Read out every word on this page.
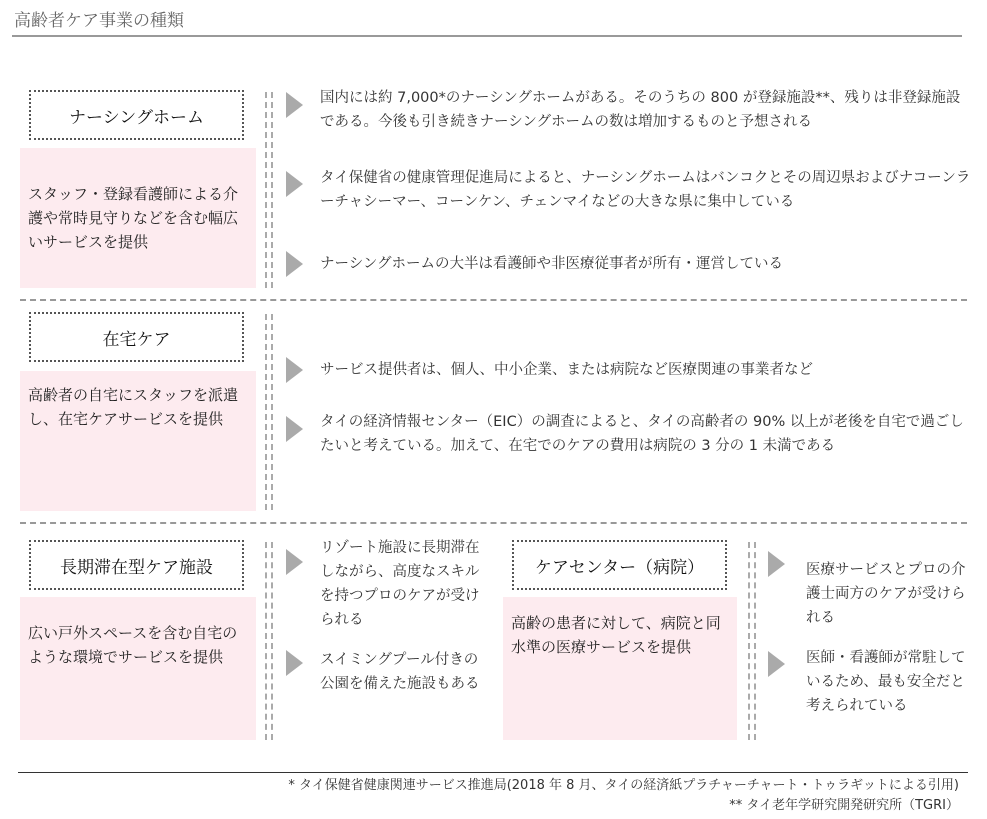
高齢者ケア事業の種類
ナーシングホーム
スタッフ・登録看護師による介護や常時見守りなどを含む幅広いサービスを提供
国内には約 7,000*のナーシングホームがある。そのうちの 800 が登録施設**、残りは非登録施設である。今後も引き続きナーシングホームの数は増加するものと予想される
タイ保健省の健康管理促進局によると、ナーシングホームはバンコクとその周辺県およびナコーンラーチャシーマー、コーンケン、チェンマイなどの大きな県に集中している
ナーシングホームの大半は看護師や非医療従事者が所有・運営している
在宅ケア
高齢者の自宅にスタッフを派遣し、在宅ケアサービスを提供
サービス提供者は、個人、中小企業、または病院など医療関連の事業者など
タイの経済情報センター（EIC）の調査によると、タイの高齢者の 90% 以上が老後を自宅で過ごしたいと考えている。加えて、在宅でのケアの費用は病院の 3 分の 1 未満である
長期滞在型ケア施設
広い戸外スペースを含む自宅のような環境でサービスを提供
リゾート施設に長期滞在しながら、高度なスキルを持つプロのケアが受けられる
スイミングプール付きの公園を備えた施設もある
ケアセンター（病院）
高齢の患者に対して、病院と同水準の医療サービスを提供
医療サービスとプロの介護士両方のケアが受けられる
医師・看護師が常駐しているため、最も安全だと考えられている
* タイ保健省健康関連サービス推進局(2018 年 8 月、タイの経済紙プラチャーチャート・トゥラギットによる引用)
** タイ老年学研究開発研究所（TGRI）
